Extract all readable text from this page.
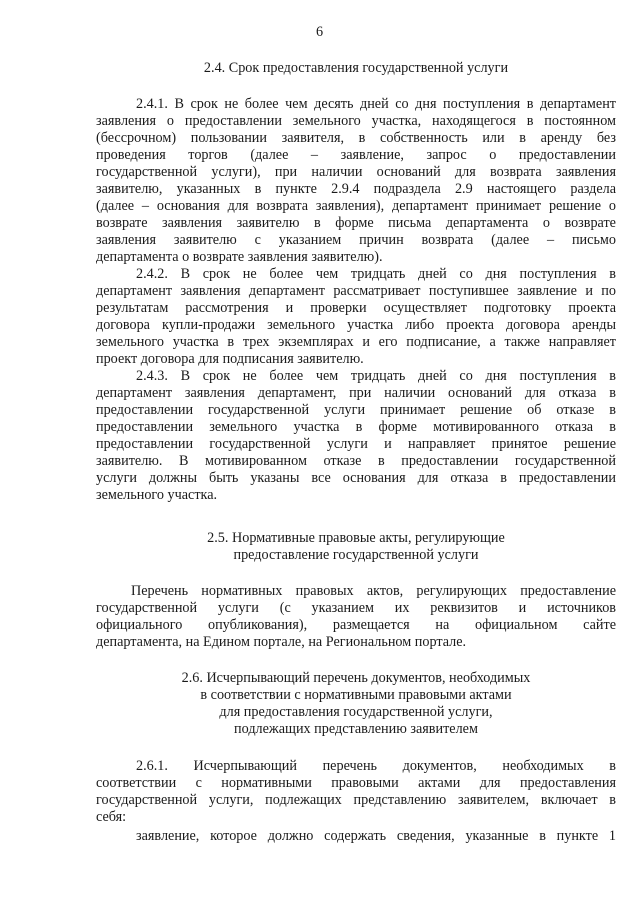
6
2.4. Срок предоставления государственной услуги
2.4.1. В срок не более чем десять дней со дня поступления в департамент
заявления о предоставлении земельного участка, находящегося в постоянном
(бессрочном) пользовании заявителя, в собственность или в аренду без
проведения торгов (далее – заявление, запрос о предоставлении
государственной услуги), при наличии оснований для возврата заявления
заявителю, указанных в пункте 2.9.4 подраздела 2.9 настоящего раздела
(далее – основания для возврата заявления), департамент принимает решение о
возврате заявления заявителю в форме письма департамента о возврате
заявления заявителю с указанием причин возврата (далее – письмо
департамента о возврате заявления заявителю).
2.4.2. В срок не более чем тридцать дней со дня поступления в
департамент заявления департамент рассматривает поступившее заявление и по
результатам рассмотрения и проверки осуществляет подготовку проекта
договора купли-продажи земельного участка либо проекта договора аренды
земельного участка в трех экземплярах и его подписание, а также направляет
проект договора для подписания заявителю.
2.4.3. В срок не более чем тридцать дней со дня поступления в
департамент заявления департамент, при наличии оснований для отказа в
предоставлении государственной услуги принимает решение об отказе в
предоставлении земельного участка в форме мотивированного отказа в
предоставлении государственной услуги и направляет принятое решение
заявителю. В мотивированном отказе в предоставлении государственной
услуги должны быть указаны все основания для отказа в предоставлении
земельного участка.
2.5. Нормативные правовые акты, регулирующие
предоставление государственной услуги
Перечень нормативных правовых актов, регулирующих предоставление
государственной услуги (с указанием их реквизитов и источников
официального опубликования), размещается на официальном сайте
департамента, на Едином портале, на Региональном портале.
2.6. Исчерпывающий перечень документов, необходимых
в соответствии с нормативными правовыми актами
для предоставления государственной услуги,
подлежащих представлению заявителем
2.6.1. Исчерпывающий перечень документов, необходимых в
соответствии с нормативными правовыми актами для предоставления
государственной услуги, подлежащих представлению заявителем, включает в
себя:
заявление, которое должно содержать сведения, указанные в пункте 1
